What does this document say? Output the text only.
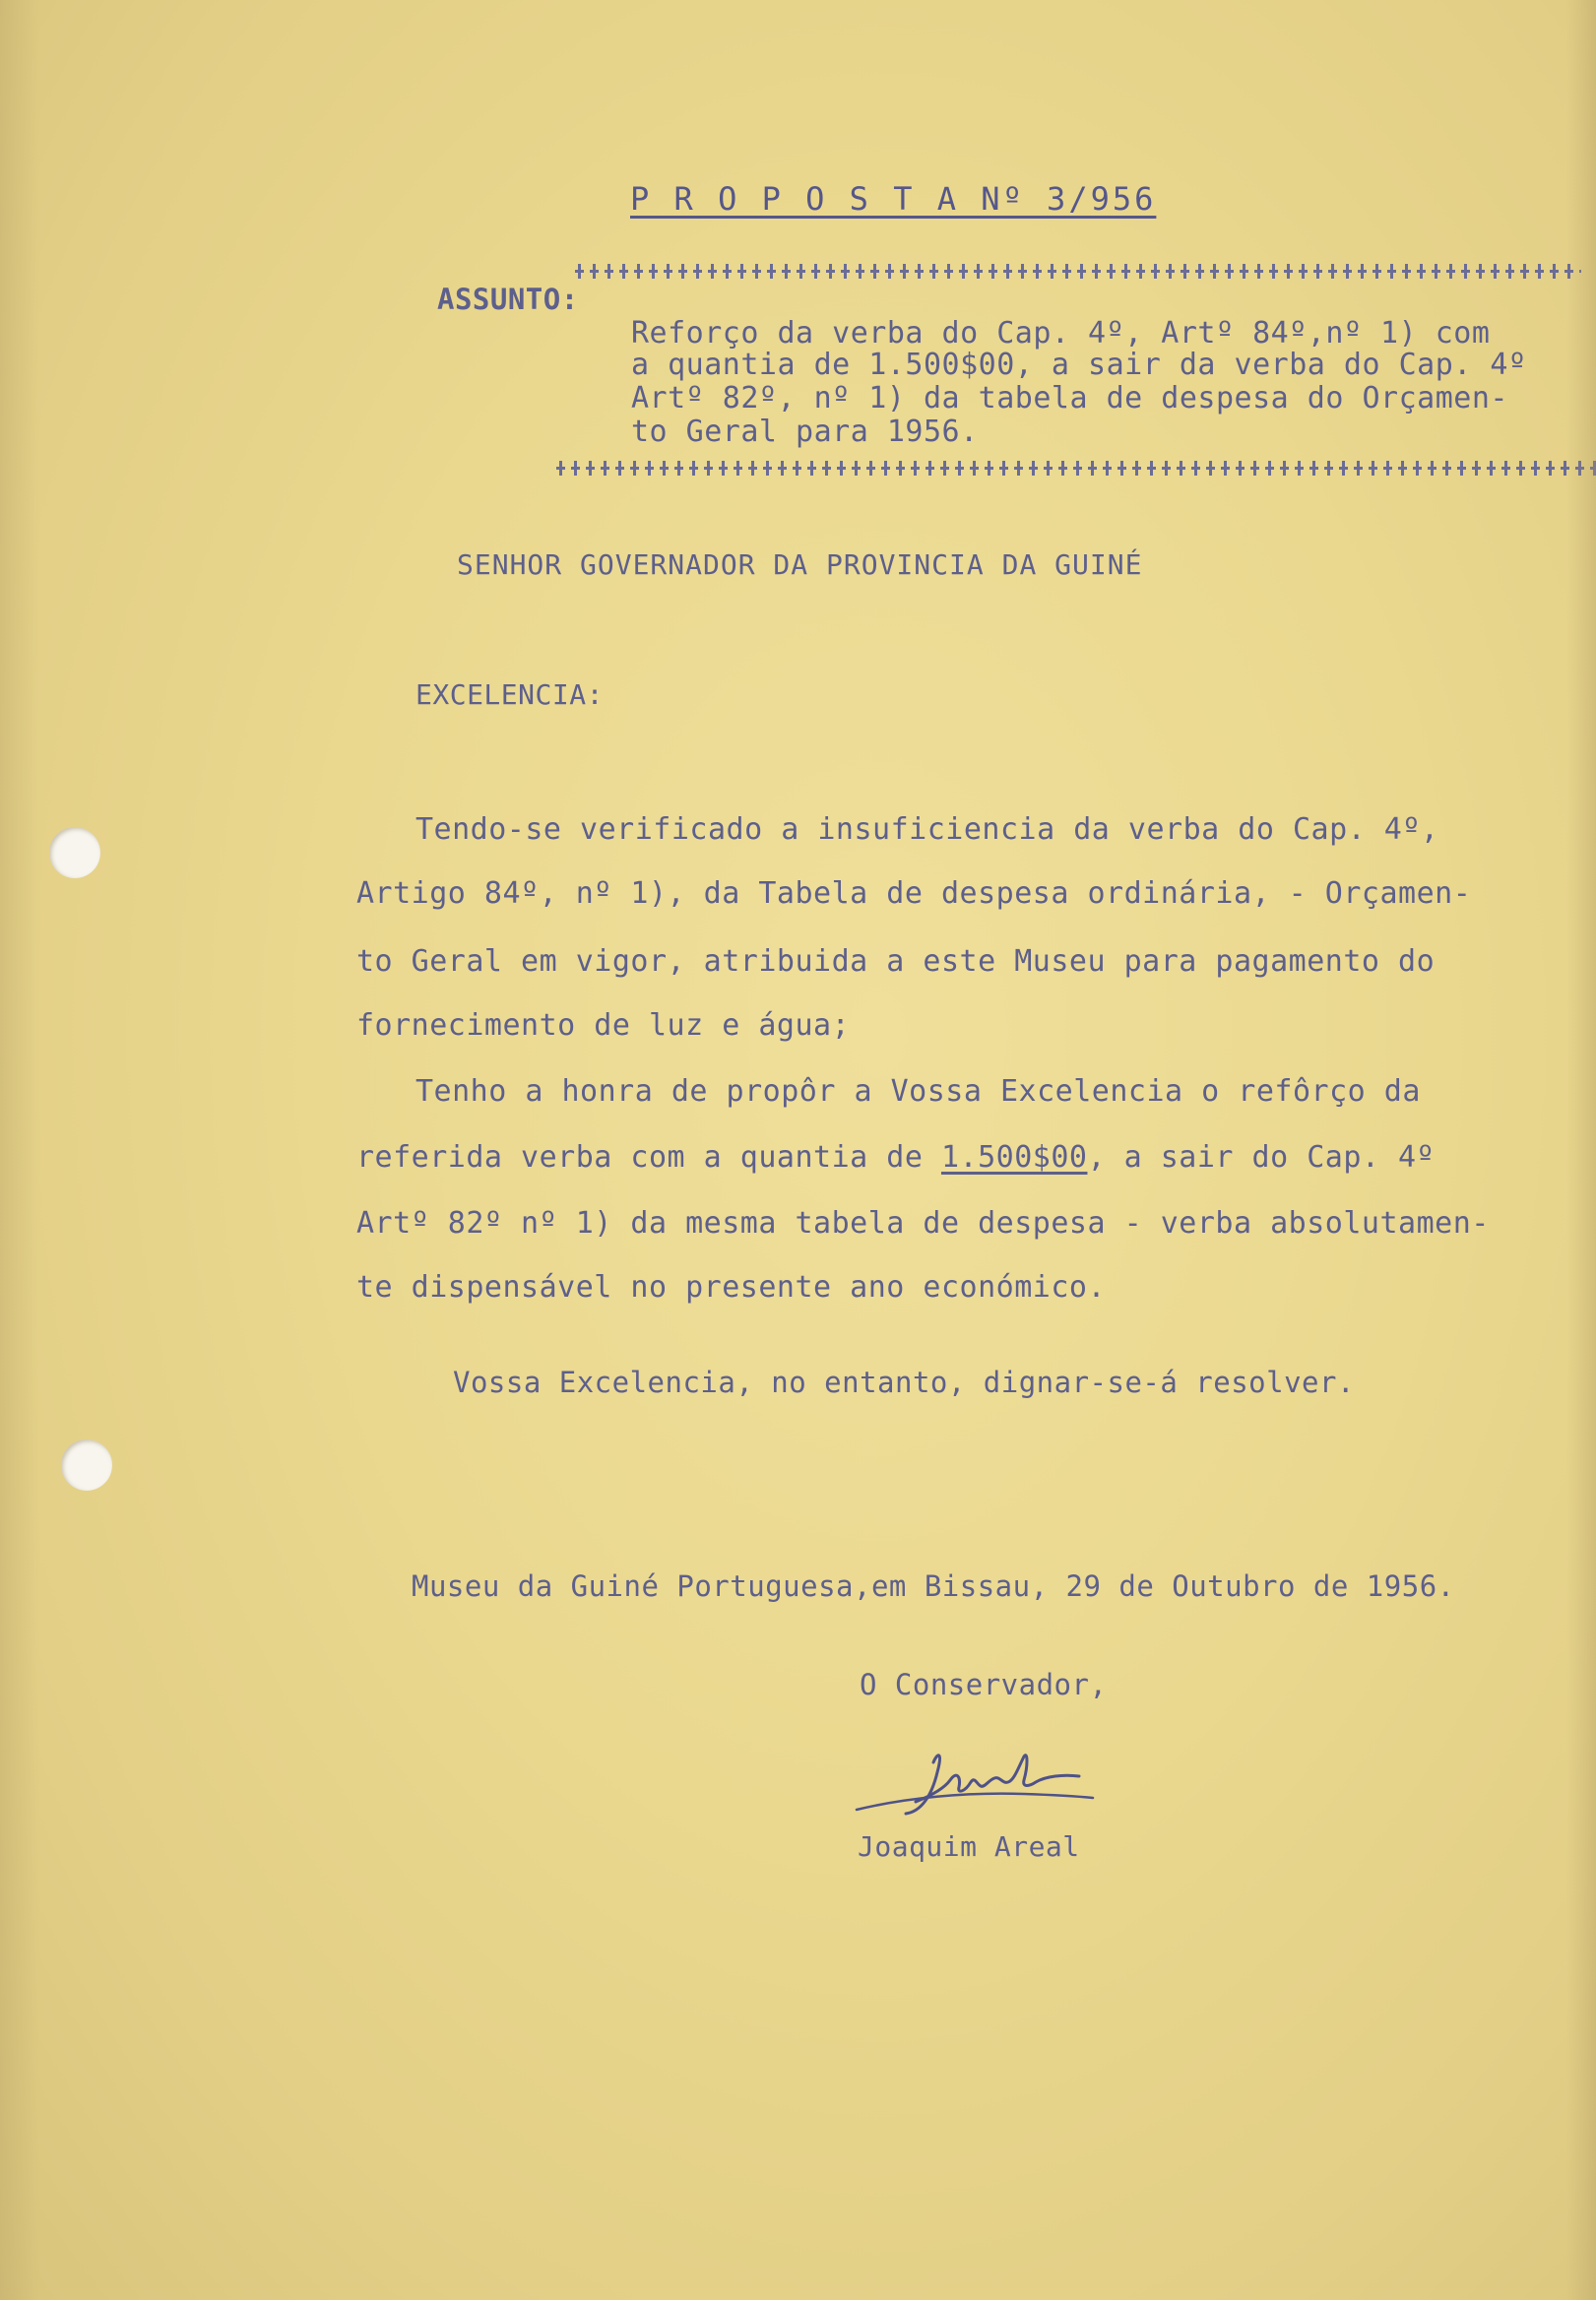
P R O P O S T A Nº 3/956
ASSUNTO:
Reforço da verba do Cap. 4º, Artº 84º,nº 1) com
a quantia de 1.500$00, a sair da verba do Cap. 4º
Artº 82º, nº 1) da tabela de despesa do Orçamen-
to Geral para 1956.
SENHOR GOVERNADOR DA PROVINCIA DA GUINÉ
EXCELENCIA:
Tendo-se verificado a insuficiencia da verba do Cap. 4º,
Artigo 84º, nº 1), da Tabela de despesa ordinária, - Orçamen-
to Geral em vigor, atribuida a este Museu para pagamento do
fornecimento de luz e água;
Tenho a honra de propôr a Vossa Excelencia o refôrço da
referida verba com a quantia de 1.500$00, a sair do Cap. 4º
Artº 82º nº 1) da mesma tabela de despesa - verba absolutamen-
te dispensável no presente ano económico.
Vossa Excelencia, no entanto, dignar-se-á resolver.
Museu da Guiné Portuguesa,em Bissau, 29 de Outubro de 1956.
O Conservador,
Joaquim Areal
